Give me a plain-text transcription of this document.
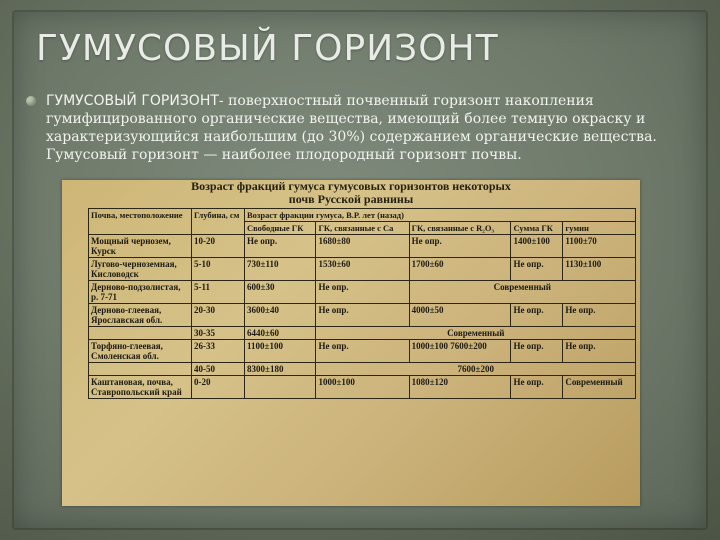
ГУМУСОВЫЙ ГОРИЗОНТ
ГУМУСОВЫЙ ГОРИЗОНТ- поверхностный почвенный горизонт накопления гумифицированного органические вещества, имеющий более темную окраску и характеризующийся наибольшим (до 30%) содержанием органические вещества. Гумусовый горизонт — наиболее плодородный горизонт почвы.
Возраст фракций гумуса гумусовых горизонтов некоторых
почв Русской равнины
Почва, местоположение	Глубина, см	Возраст фракции гумуса, В.Р. лет (назад)				
		Свободные ГК	ГК, связанные с Са	ГК, связанные с R₂O₃	Сумма ГК	гумин
Мощный чернозем, Курск	10-20	Не опр.	1680±80	Не опр.	1400±100	1100±70
Лугово-черноземная, Кисловодск	5-10	730±110	1530±60	1700±60	Не опр.	1130±100
Дерново-подзолистая, р. 7-71	5-11	600±30	Не опр.	Современный		
Дерново-глеевая, Ярославская обл.	20-30	3600±40	Не опр.	4000±50	Не опр.	Не опр.
	30-35	6440±60	Современный			
Торфяно-глеевая, Смоленская обл.	26-33	1100±100	Не опр.	1000±100 7600±200	Не опр.	Не опр.
	40-50	8300±180	7600±200			
Каштановая, почва, Ставропольский край	0-20		1000±100	1080±120	Не опр.	Современный
